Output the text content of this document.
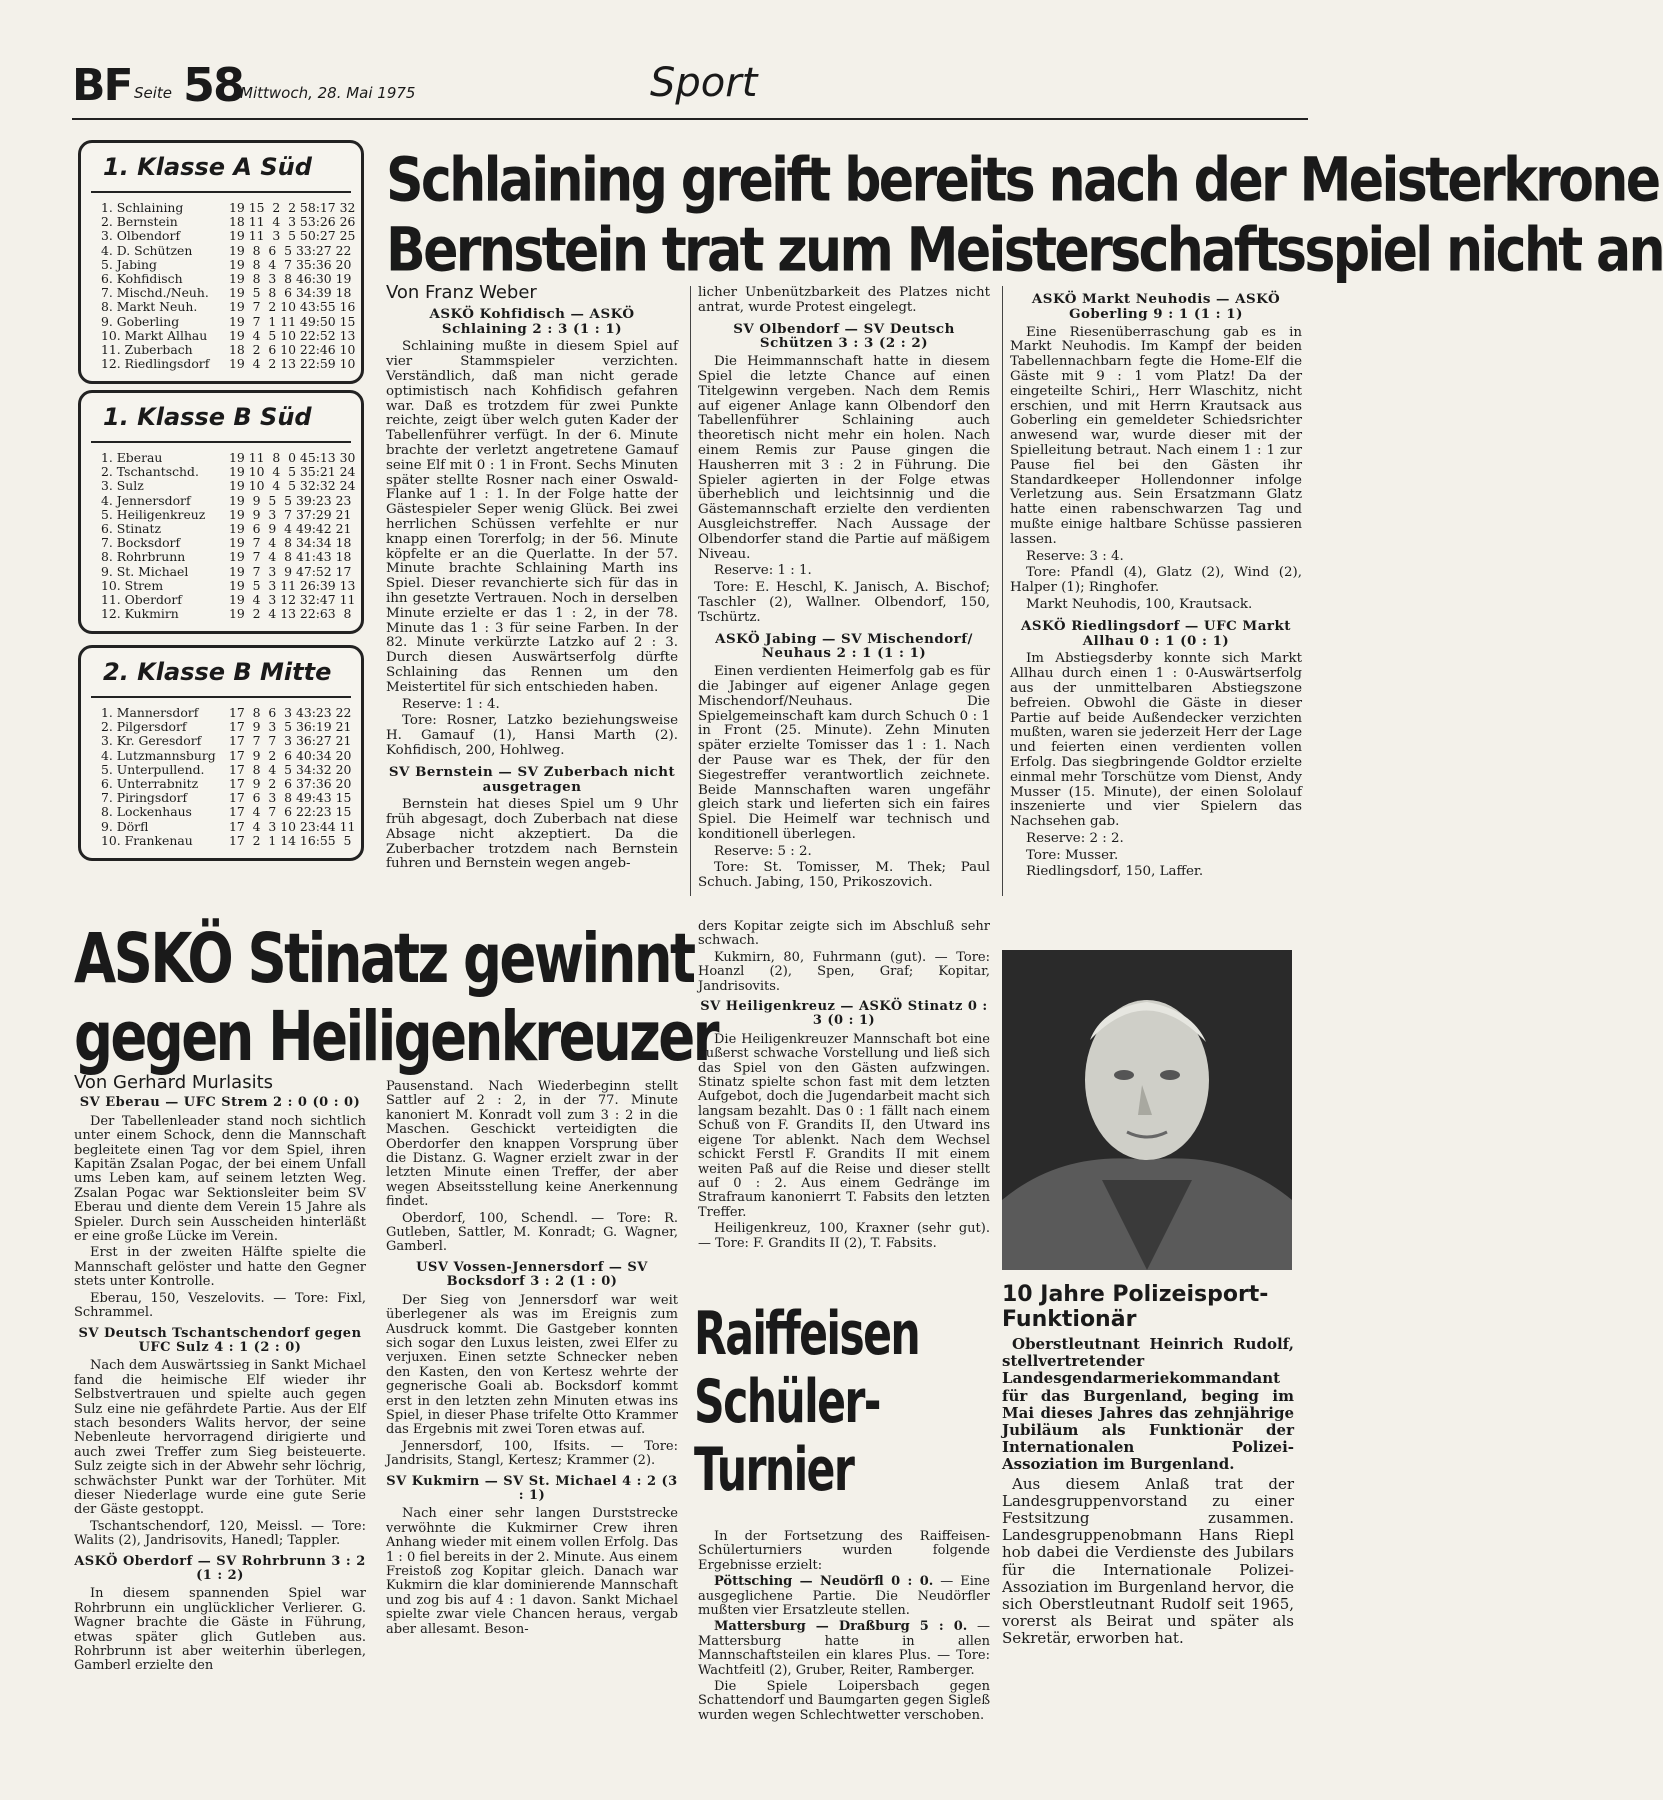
BF Seite 58
Mittwoch, 28. Mai 1975	Sport
1. Klasse A Süd
1. Schlaining	19 15  2  2 58:17 32
2. Bernstein	18 11  4  3 53:26 26
3. Olbendorf	19 11  3  5 50:27 25
4. D. Schützen	19  8  6  5 33:27 22
5. Jabing	19  8  4  7 35:36 20
6. Kohfidisch	19  8  3  8 46:30 19
7. Mischd./Neuh.	19  5  8  6 34:39 18
8. Markt Neuh.	19  7  2 10 43:55 16
9. Goberling	19  7  1 11 49:50 15
10. Markt Allhau	19  4  5 10 22:52 13
11. Zuberbach	18  2  6 10 22:46 10
12. Riedlingsdorf	19  4  2 13 22:59 10
1. Klasse B Süd
1. Eberau	19 11  8  0 45:13 30
2. Tschantschd.	19 10  4  5 35:21 24
3. Sulz	19 10  4  5 32:32 24
4. Jennersdorf	19  9  5  5 39:23 23
5. Heiligenkreuz	19  9  3  7 37:29 21
6. Stinatz	19  6  9  4 49:42 21
7. Bocksdorf	19  7  4  8 34:34 18
8. Rohrbrunn	19  7  4  8 41:43 18
9. St. Michael	19  7  3  9 47:52 17
10. Strem	19  5  3 11 26:39 13
11. Oberdorf	19  4  3 12 32:47 11
12. Kukmirn	19  2  4 13 22:63  8
2. Klasse B Mitte
1. Mannersdorf	17  8  6  3 43:23 22
2. Pilgersdorf	17  9  3  5 36:19 21
3. Kr. Geresdorf	17  7  7  3 36:27 21
4. Lutzmannsburg	17  9  2  6 40:34 20
5. Unterpullend.	17  8  4  5 34:32 20
6. Unterrabnitz	17  9  2  6 37:36 20
7. Piringsdorf	17  6  3  8 49:43 15
8. Lockenhaus	17  4  7  6 22:23 15
9. Dörfl	17  4  3 10 23:44 11
10. Frankenau	17  2  1 14 16:55  5
Schlaining greift bereits nach der Meisterkrone
Bernstein trat zum Meisterschaftsspiel nicht an

Von Franz Weber

ASKÖ Kohfidisch — ASKÖ Schlaining 2 : 3 (1 : 1)

Schlaining mußte in diesem Spiel auf vier Stammspieler verzichten. Verständlich, daß man nicht gerade optimistisch nach Kohfidisch gefahren war. Daß es trotzdem für zwei Punkte reichte, zeigt über welch guten Kader der Tabellenführer verfügt. In der 6. Minute brachte der verletzt angetretene Gamauf seine Elf mit 0 : 1 in Front. Sechs Minuten später stellte Rosner nach einer Oswald-Flanke auf 1 : 1. In der Folge hatte der Gästespieler Seper wenig Glück. Bei zwei herrlichen Schüssen verfehlte er nur knapp einen Torerfolg; in der 56. Minute köpfelte er an die Querlatte. In der 57. Minute brachte Schlaining Marth ins Spiel. Dieser revanchierte sich für das in ihn gesetzte Vertrauen. Noch in derselben Minute erzielte er das 1 : 2, in der 78. Minute das 1 : 3 für seine Farben. In der 82. Minute verkürzte Latzko auf 2 : 3. Durch diesen Auswärtserfolg dürfte Schlaining das Rennen um den Meistertitel für sich entschieden haben.

Reserve: 1 : 4.

Tore: Rosner, Latzko beziehungsweise H. Gamauf (1), Hansi Marth (2). Kohfidisch, 200, Hohlweg.

SV Bernstein — SV Zuberbach nicht ausgetragen

Bernstein hat dieses Spiel um 9 Uhr früh abgesagt, doch Zuberbach nat diese Absage nicht akzeptiert. Da die Zuberbacher trotzdem nach Bernstein fuhren und Bernstein wegen angeb-

licher Unbenützbarkeit des Platzes nicht antrat, wurde Protest eingelegt.

SV Olbendorf — SV Deutsch Schützen 3 : 3 (2 : 2)

Die Heimmannschaft hatte in diesem Spiel die letzte Chance auf einen Titelgewinn vergeben. Nach dem Remis auf eigener Anlage kann Olbendorf den Tabellenführer Schlaining auch theoretisch nicht mehr ein holen. Nach einem Remis zur Pause gingen die Hausherren mit 3 : 2 in Führung. Die Spieler agierten in der Folge etwas überheblich und leichtsinnig und die Gästemannschaft erzielte den verdienten Ausgleichstreffer. Nach Aussage der Olbendorfer stand die Partie auf mäßigem Niveau.

Reserve: 1 : 1.

Tore: E. Heschl, K. Janisch, A. Bischof; Taschler (2), Wallner. Olbendorf, 150, Tschürtz.

ASKÖ Jabing — SV Mischendorf/ Neuhaus 2 : 1 (1 : 1)

Einen verdienten Heimerfolg gab es für die Jabinger auf eigener Anlage gegen Mischendorf/Neuhaus. Die Spielgemeinschaft kam durch Schuch 0 : 1 in Front (25. Minute). Zehn Minuten später erzielte Tomisser das 1 : 1. Nach der Pause war es Thek, der für den Siegestreffer verantwortlich zeichnete. Beide Mannschaften waren ungefähr gleich stark und lieferten sich ein faires Spiel. Die Heimelf war technisch und konditionell überlegen.

Reserve: 5 : 2.

Tore: St. Tomisser, M. Thek; Paul Schuch. Jabing, 150, Prikoszovich.

ASKÖ Markt Neuhodis — ASKÖ Goberling 9 : 1 (1 : 1)

Eine Riesenüberraschung gab es in Markt Neuhodis. Im Kampf der beiden Tabellennachbarn fegte die Home-Elf die Gäste mit 9 : 1 vom Platz! Da der eingeteilte Schiri,, Herr Wlaschitz, nicht erschien, und mit Herrn Krautsack aus Goberling ein gemeldeter Schiedsrichter anwesend war, wurde dieser mit der Spielleitung betraut. Nach einem 1 : 1 zur Pause fiel bei den Gästen ihr Standardkeeper Hollendonner infolge Verletzung aus. Sein Ersatzmann Glatz hatte einen rabenschwarzen Tag und mußte einige haltbare Schüsse passieren lassen.

Reserve: 3 : 4.

Tore: Pfandl (4), Glatz (2), Wind (2), Halper (1); Ringhofer.

Markt Neuhodis, 100, Krautsack.

ASKÖ Riedlingsdorf — UFC Markt Allhau 0 : 1 (0 : 1)

Im Abstiegsderby konnte sich Markt Allhau durch einen 1 : 0-Auswärtserfolg aus der unmittelbaren Abstiegszone befreien. Obwohl die Gäste in dieser Partie auf beide Außendecker verzichten mußten, waren sie jederzeit Herr der Lage und feierten einen verdienten vollen Erfolg. Das siegbringende Goldtor erzielte einmal mehr Torschütze vom Dienst, Andy Musser (15. Minute), der einen Sololauf inszenierte und vier Spielern das Nachsehen gab.

Reserve: 2 : 2.

Tore: Musser.

Riedlingsdorf, 150, Laffer.

ASKÖ Stinatz gewinnt
gegen Heiligenkreuzer

Von Gerhard Murlasits

SV Eberau — UFC Strem 2 : 0 (0 : 0)

Der Tabellenleader stand noch sichtlich unter einem Schock, denn die Mannschaft begleitete einen Tag vor dem Spiel, ihren Kapitän Zsalan Pogac, der bei einem Unfall ums Leben kam, auf seinem letzten Weg. Zsalan Pogac war Sektionsleiter beim SV Eberau und diente dem Verein 15 Jahre als Spieler. Durch sein Ausscheiden hinterläßt er eine große Lücke im Verein.

Erst in der zweiten Hälfte spielte die Mannschaft gelöster und hatte den Gegner stets unter Kontrolle.

Eberau, 150, Veszelovits. — Tore: Fixl, Schrammel.

SV Deutsch Tschantschendorf gegen UFC Sulz 4 : 1 (2 : 0)

Nach dem Auswärtssieg in Sankt Michael fand die heimische Elf wieder ihr Selbstvertrauen und spielte auch gegen Sulz eine nie gefährdete Partie. Aus der Elf stach besonders Walits hervor, der seine Nebenleute hervorragend dirigierte und auch zwei Treffer zum Sieg beisteuerte. Sulz zeigte sich in der Abwehr sehr löchrig, schwächster Punkt war der Torhüter. Mit dieser Niederlage wurde eine gute Serie der Gäste gestoppt.

Tschantschendorf, 120, Meissl. — Tore: Walits (2), Jandrisovits, Hanedl; Tappler.

ASKÖ Oberdorf — SV Rohrbrunn 3 : 2 (1 : 2)

In diesem spannenden Spiel war Rohrbrunn ein unglücklicher Verlierer. G. Wagner brachte die Gäste in Führung, etwas später glich Gutleben aus. Rohrbrunn ist aber weiterhin überlegen, Gamberl erzielte den

Pausenstand. Nach Wiederbeginn stellt Sattler auf 2 : 2, in der 77. Minute kanoniert M. Konradt voll zum 3 : 2 in die Maschen. Geschickt verteidigten die Oberdorfer den knappen Vorsprung über die Distanz. G. Wagner erzielt zwar in der letzten Minute einen Treffer, der aber wegen Abseitsstellung keine Anerkennung findet.

Oberdorf, 100, Schendl. — Tore: R. Gutleben, Sattler, M. Konradt; G. Wagner, Gamberl.

USV Vossen-Jennersdorf — SV Bocksdorf 3 : 2 (1 : 0)

Der Sieg von Jennersdorf war weit überlegener als was im Ereignis zum Ausdruck kommt. Die Gastgeber konnten sich sogar den Luxus leisten, zwei Elfer zu verjuxen. Einen setzte Schnecker neben den Kasten, den von Kertesz wehrte der gegnerische Goali ab. Bocksdorf kommt erst in den letzten zehn Minuten etwas ins Spiel, in dieser Phase trifelte Otto Krammer das Ergebnis mit zwei Toren etwas auf.

Jennersdorf, 100, Ifsits. — Tore: Jandrisits, Stangl, Kertesz; Krammer (2).

SV Kukmirn — SV St. Michael 4 : 2 (3 : 1)

Nach einer sehr langen Durststrecke verwöhnte die Kukmirner Crew ihren Anhang wieder mit einem vollen Erfolg. Das 1 : 0 fiel bereits in der 2. Minute. Aus einem Freistoß zog Kopitar gleich. Danach war Kukmirn die klar dominierende Mannschaft und zog bis auf 4 : 1 davon. Sankt Michael spielte zwar viele Chancen heraus, vergab aber allesamt. Beson-

ders Kopitar zeigte sich im Abschluß sehr schwach.

Kukmirn, 80, Fuhrmann (gut). — Tore: Hoanzl (2), Spen, Graf; Kopitar, Jandrisovits.

SV Heiligenkreuz — ASKÖ Stinatz 0 : 3 (0 : 1)

Die Heiligenkreuzer Mannschaft bot eine äußerst schwache Vorstellung und ließ sich das Spiel von den Gästen aufzwingen. Stinatz spielte schon fast mit dem letzten Aufgebot, doch die Jugendarbeit macht sich langsam bezahlt. Das 0 : 1 fällt nach einem Schuß von F. Grandits II, den Utward ins eigene Tor ablenkt. Nach dem Wechsel schickt Ferstl F. Grandits II mit einem weiten Paß auf die Reise und dieser stellt auf 0 : 2. Aus einem Gedränge im Strafraum kanonierrt T. Fabsits den letzten Treffer.

Heiligenkreuz, 100, Kraxner (sehr gut). — Tore: F. Grandits II (2), T. Fabsits.

Raiffeisen
Schüler-
Turnier

In der Fortsetzung des Raiffeisen-Schülerturniers wurden folgende Ergebnisse erzielt:

Pöttsching — Neudörfl 0 : 0. — Eine ausgeglichene Partie. Die Neudörfler mußten vier Ersatzleute stellen.

Mattersburg — Draßburg 5 : 0. — Mattersburg hatte in allen Mannschaftsteilen ein klares Plus. — Tore: Wachtfeitl (2), Gruber, Reiter, Ramberger.

Die Spiele Loipersbach gegen Schattendorf und Baumgarten gegen Sigleß wurden wegen Schlechtwetter verschoben.

10 Jahre Polizeisport-Funktionär

Oberstleutnant Heinrich Rudolf, stellvertretender Landesgendarmeriekommandant für das Burgenland, beging im Mai dieses Jahres das zehnjährige Jubiläum als Funktionär der Internationalen Polizei-Assoziation im Burgenland.

Aus diesem Anlaß trat der Landesgruppenvorstand zu einer Festsitzung zusammen. Landesgruppenobmann Hans Riepl hob dabei die Verdienste des Jubilars für die Internationale Polizei-Assoziation im Burgenland hervor, die sich Oberstleutnant Rudolf seit 1965, vorerst als Beirat und später als Sekretär, erworben hat.
